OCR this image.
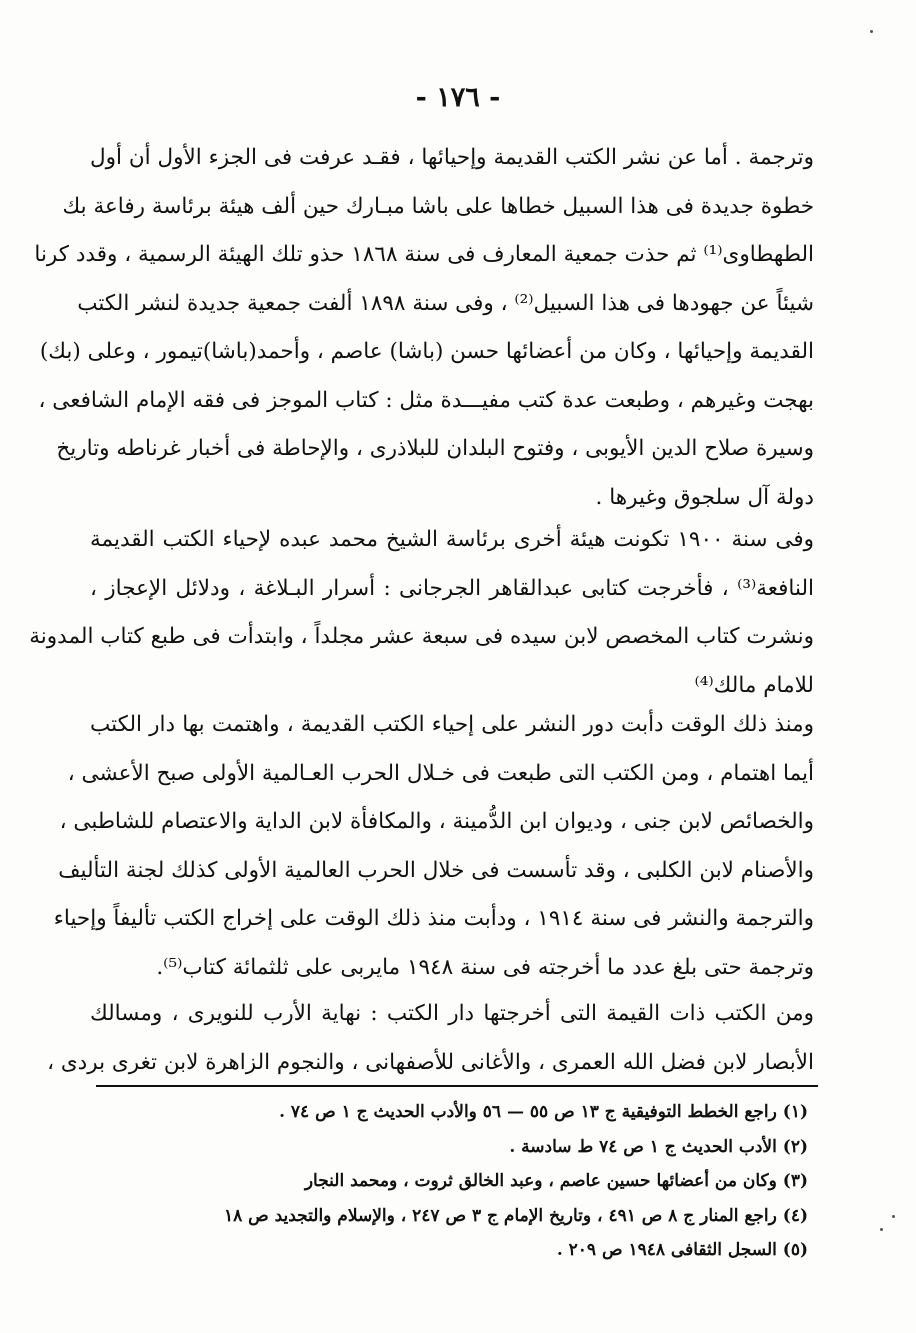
- ١٧٦ -
وترجمة . أما عن نشر الكتب القديمة وإحيائها ، فقـد عرفت فى الجزء الأول أن أول
خطوة جديدة فى هذا السبيل خطاها على باشا مبـارك حين ألف هيئة برئاسة رفاعة بك
الطهطاوى⁽¹⁾ ثم حذت جمعية المعارف فى سنة ١٨٦٨ حذو تلك الهيئة الرسمية ، وقدد كرنا
شيئاً عن جهودها فى هذا السبيل⁽²⁾ ، وفى سنة ١٨٩٨ ألفت جمعية جديدة لنشر الكتب
القديمة وإحيائها ، وكان من أعضائها حسن (باشا) عاصم ، وأحمد(باشا)تيمور ، وعلى (بك)
بهجت وغيرهم ، وطبعت عدة كتب مفيـــدة مثل : كتاب الموجز فى فقه الإمام الشافعى ،
وسيرة صلاح الدين الأيوبى ، وفتوح البلدان للبلاذرى ، والإحاطة فى أخبار غرناطه وتاريخ
دولة آل سلجوق وغيرها .
وفى سنة ١٩٠٠ تكونت هيئة أخرى برئاسة الشيخ محمد عبده لإحياء الكتب القديمة
النافعة⁽³⁾ ، فأخرجت كتابى عبدالقاهر الجرجانى : أسرار البـلاغة ، ودلائل الإعجاز ،
ونشرت كتاب المخصص لابن سيده فى سبعة عشر مجلداً ، وابتدأت فى طبع كتاب المدونة
للامام مالك⁽⁴⁾
ومنذ ذلك الوقت دأبت دور النشر على إحياء الكتب القديمة ، واهتمت بها دار الكتب
أيما اهتمام ، ومن الكتب التى طبعت فى خـلال الحرب العـالمية الأولى صبح الأعشى ،
والخصائص لابن جنى ، وديوان ابن الدُّمينة ، والمكافأة لابن الداية والاعتصام للشاطبى ،
والأصنام لابن الكلبى ، وقد تأسست فى خلال الحرب العالمية الأولى كذلك لجنة التأليف
والترجمة والنشر فى سنة ١٩١٤ ، ودأبت منذ ذلك الوقت على إخراج الكتب تأليفاً وإحياء
وترجمة حتى بلغ عدد ما أخرجته فى سنة ١٩٤٨ مايربى على ثلثمائة كتاب⁽⁵⁾.
ومن الكتب ذات القيمة التى أخرجتها دار الكتب : نهاية الأرب للنويرى ، ومسالك
الأبصار لابن فضل الله العمرى ، والأغانى للأصفهانى ، والنجوم الزاهرة لابن تغرى بردى ،
(١) راجع الخطط التوفيقية ج ١٣ ص ٥٥ — ٥٦ والأدب الحديث ج ١ ص ٧٤ .
(٢) الأدب الحديث ج ١ ص ٧٤ ط سادسة .
(٣) وكان من أعضائها حسين عاصم ، وعبد الخالق ثروت ، ومحمد النجار
(٤) راجع المنار ج ٨ ص ٤٩١ ، وتاريخ الإمام ج ٣ ص ٢٤٧ ، والإسلام والتجديد ص ١٨
(٥) السجل الثقافى ١٩٤٨ ص ٢٠٩ .
